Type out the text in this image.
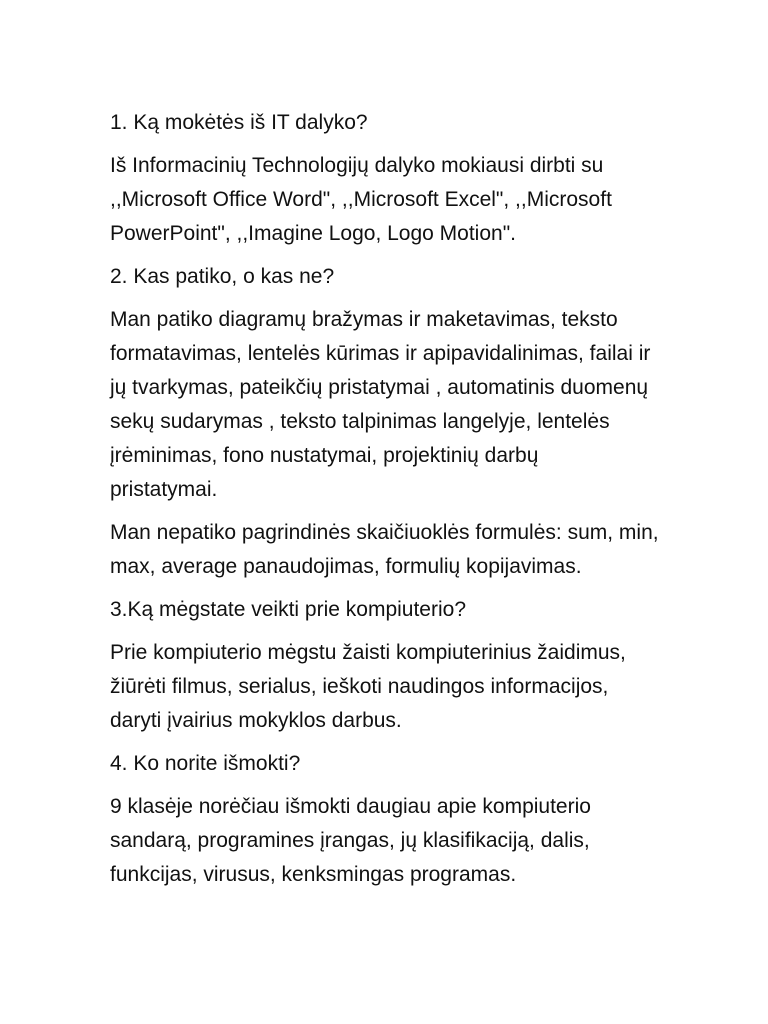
1. Ką mokėtės iš IT dalyko?

Iš Informacinių Technologijų dalyko mokiausi dirbti su
,,Microsoft Office Word", ,,Microsoft Excel", ,,Microsoft
PowerPoint", ,,Imagine Logo, Logo Motion".

2. Kas patiko, o kas ne?

Man patiko diagramų bražymas ir maketavimas, teksto
formatavimas, lentelės kūrimas ir apipavidalinimas, failai ir
jų tvarkymas, pateikčių pristatymai , automatinis duomenų
sekų sudarymas , teksto talpinimas langelyje, lentelės
įrėminimas, fono nustatymai, projektinių darbų
pristatymai.

Man nepatiko pagrindinės skaičiuoklės formulės: sum, min,
max, average panaudojimas, formulių kopijavimas.

3.Ką mėgstate veikti prie kompiuterio?

Prie kompiuterio mėgstu žaisti kompiuterinius žaidimus,
žiūrėti filmus, serialus, ieškoti naudingos informacijos,
daryti įvairius mokyklos darbus.

4. Ko norite išmokti?

9 klasėje norėčiau išmokti daugiau apie kompiuterio
sandarą, programines įrangas, jų klasifikaciją, dalis,
funkcijas, virusus, kenksmingas programas.
